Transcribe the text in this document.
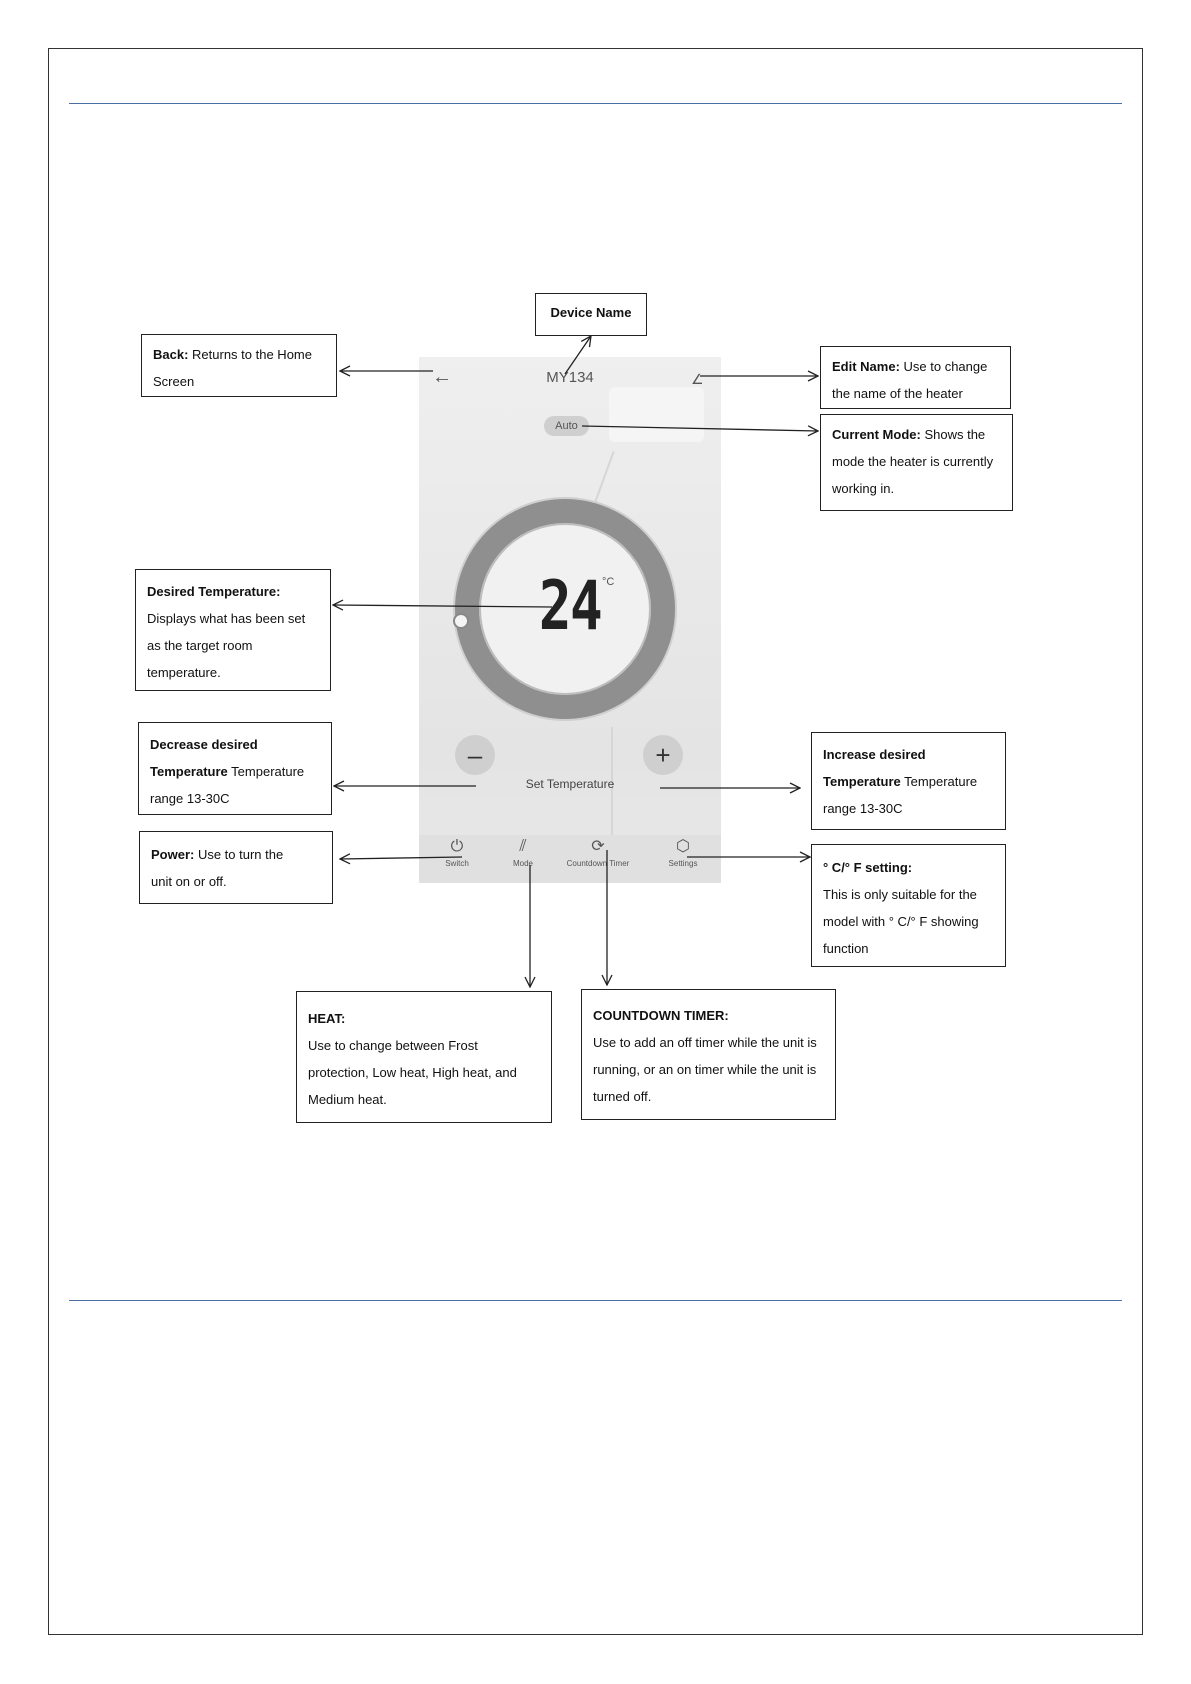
←	MY134	∠
Auto
24 °C
–
Set Temperature
+
⏻
Switch
⫽
Mode
⟳
Countdown Timer
⬡
Settings
Device Name
Back: Returns to the Home
Screen
Edit Name: Use to change
the name of the heater
Current Mode: Shows the
mode the heater is currently
working in.
Desired Temperature:
Displays what has been set
as the target room
temperature.
Decrease desired
Temperature Temperature
range 13-30C
Increase desired
Temperature Temperature
range 13-30C
Power: Use to turn the
unit on or off.
° C/° F setting:
This is only suitable for the
model with ° C/° F showing
function
HEAT:
Use to change between Frost
protection, Low heat, High heat, and
Medium heat.
COUNTDOWN TIMER:
Use to add an off timer while the unit is
running, or an on timer while the unit is
turned off.
